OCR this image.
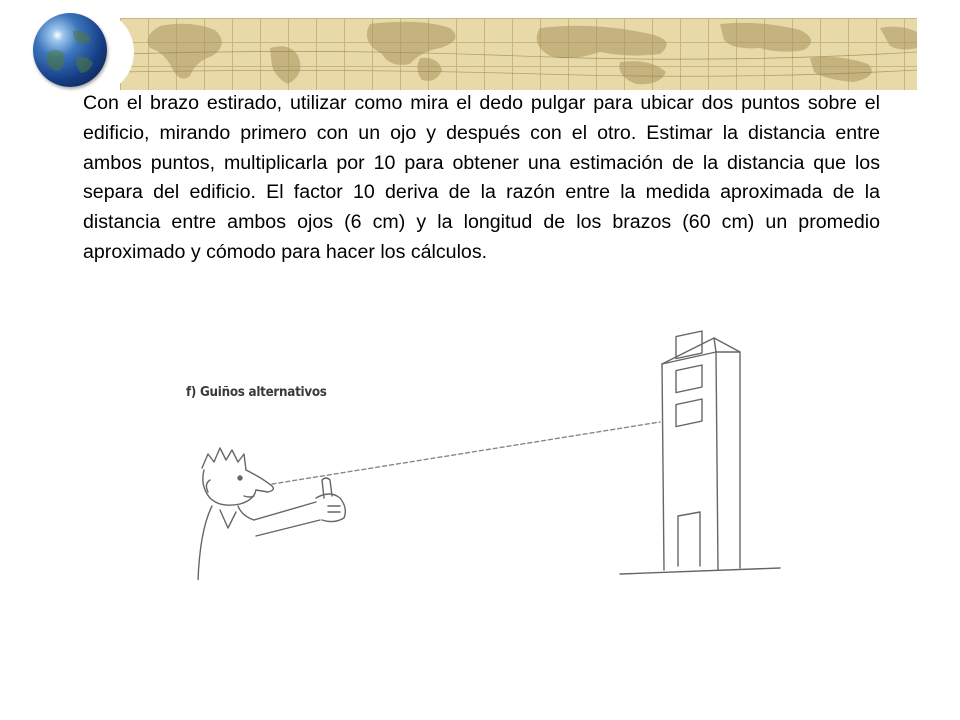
Con el brazo estirado, utilizar como mira el dedo pulgar para ubicar dos puntos sobre el edificio, mirando primero con un ojo y después con el otro. Estimar la distancia entre ambos puntos, multiplicarla por 10 para obtener una estimación de la distancia que los separa del edificio. El factor 10 deriva de la razón entre la medida aproximada de la distancia entre ambos ojos (6 cm) y la longitud de los brazos (60 cm) un promedio aproximado y cómodo para hacer los cálculos.

f) Guiños alternativos
